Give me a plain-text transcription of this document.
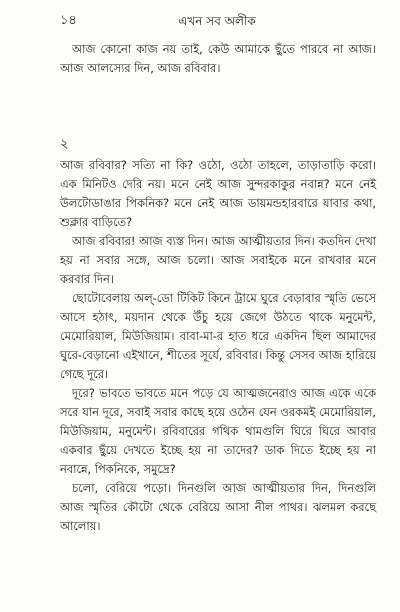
১৪	এখন সব অলীক

আজ কোনো কাজ নয় তাই, কেউ আমাকে ছুঁতে পারবে না আজ। আজ আলস্যের দিন, আজ রবিবার।

২

আজ রবিবার? সত্যি না কি? ওঠো, ওঠো তাহলে, তাড়াতাড়ি করো। এক মিনিটও দেরি নয়। মনে নেই আজ সুন্দরকাকুর নবান্ন? মনে নেই উলটোডাঙার পিকনিক? মনে নেই আজ ডায়মন্ডহারবারে যাবার কথা, শুক্লার বাড়িতে?

আজ রবিবার! আজ ব্যস্ত দিন। আজ আত্মীয়তার দিন। কতদিন দেখা হয় না সবার সঙ্গে, আজ চলো। আজ সবাইকে মনে রাখবার মনে করবার দিন।

ছোটোবেলায় অল্-ডো টিকিট কিনে ট্রামে ঘুরে বেড়াবার স্মৃতি ভেসে আসে হঠাৎ, ময়দান থেকে উঁচু হয়ে জেগে উঠতে থাকে মনুমেন্ট, মেমোরিয়াল, মিউজিয়াম। বাবা-মা-র হাত ধরে একদিন ছিল আমাদের ঘুরে-বেড়ানো এইখানে, শীতের সূর্যে, রবিবার। কিন্তু সেসব আজ হারিয়ে গেছে দূরে।

দূরে? ভাবতে ভাবতে মনে পড়ে যে আত্মজনেরাও আজ একে একে সরে যান দূরে, সবাই সবার কাছে হয়ে ওঠেন যেন ওরকমই মেমোরিয়াল, মিউজিয়াম, মনুমেন্ট। রবিবারের গথিক থামগুলি ঘিরে ঘিরে আবার একবার ছুঁয়ে দেখতে ইচ্ছে হয় না তাদের? ডাক দিতে ইচ্ছে হয় না নবান্নে, পিকনিকে, সমুদ্রে?

চলো, বেরিয়ে পড়ো। দিনগুলি আজ আত্মীয়তার দিন, দিনগুলি আজ স্মৃতির কৌটো থেকে বেরিয়ে আসা নীল পাথর। ঝলমল করছে আলোয়।
